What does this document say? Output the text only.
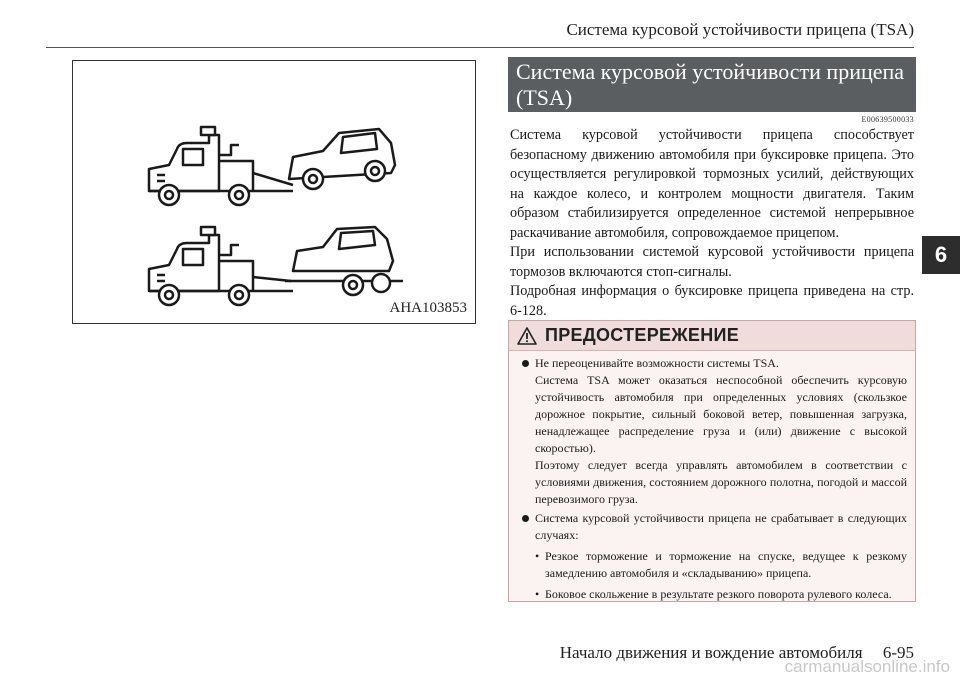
Система курсовой устойчивости прицепа (TSA)
6
AHA103853
Система курсовой устойчивости прицепа
(TSA)
E00639500033

Система курсовой устойчивости прицепа способствует безопасному движению автомобиля при буксировке прицепа. Это осуществляется регулировкой тормозных усилий, действующих на каждое колесо, и контролем мощности двигателя. Таким образом стабилизируется определенное системой непрерывное раскачивание автомобиля, сопровождаемое прицепом.

При использовании системой курсовой устойчивости прицепа тормозов включаются стоп-сигналы.

Подробная информация о буксировке прицепа приведена на стр. 6-128.

ПРЕДОСТЕРЕЖЕНИЕ

Не переоценивайте возможности системы TSA.

Система TSA может оказаться неспособной обеспечить курсовую устойчивость автомобиля при определенных условиях (скользкое дорожное покрытие, сильный боковой ветер, повышенная загрузка, ненадлежащее распределение груза и (или) движение с высокой скоростью).

Поэтому следует всегда управлять автомобилем в соответствии с условиями движения, состоянием дорожного полотна, погодой и массой перевозимого груза.

Система курсовой устойчивости прицепа не срабатывает в следующих случаях:

• Резкое торможение и торможение на спуске, ведущее к резкому замедлению автомобиля и «складыванию» прицепа.
• Боковое скольжение в результате резкого поворота рулевого колеса.
Начало движения и вождение автомобиля 6-95
carmanualsonline.info
